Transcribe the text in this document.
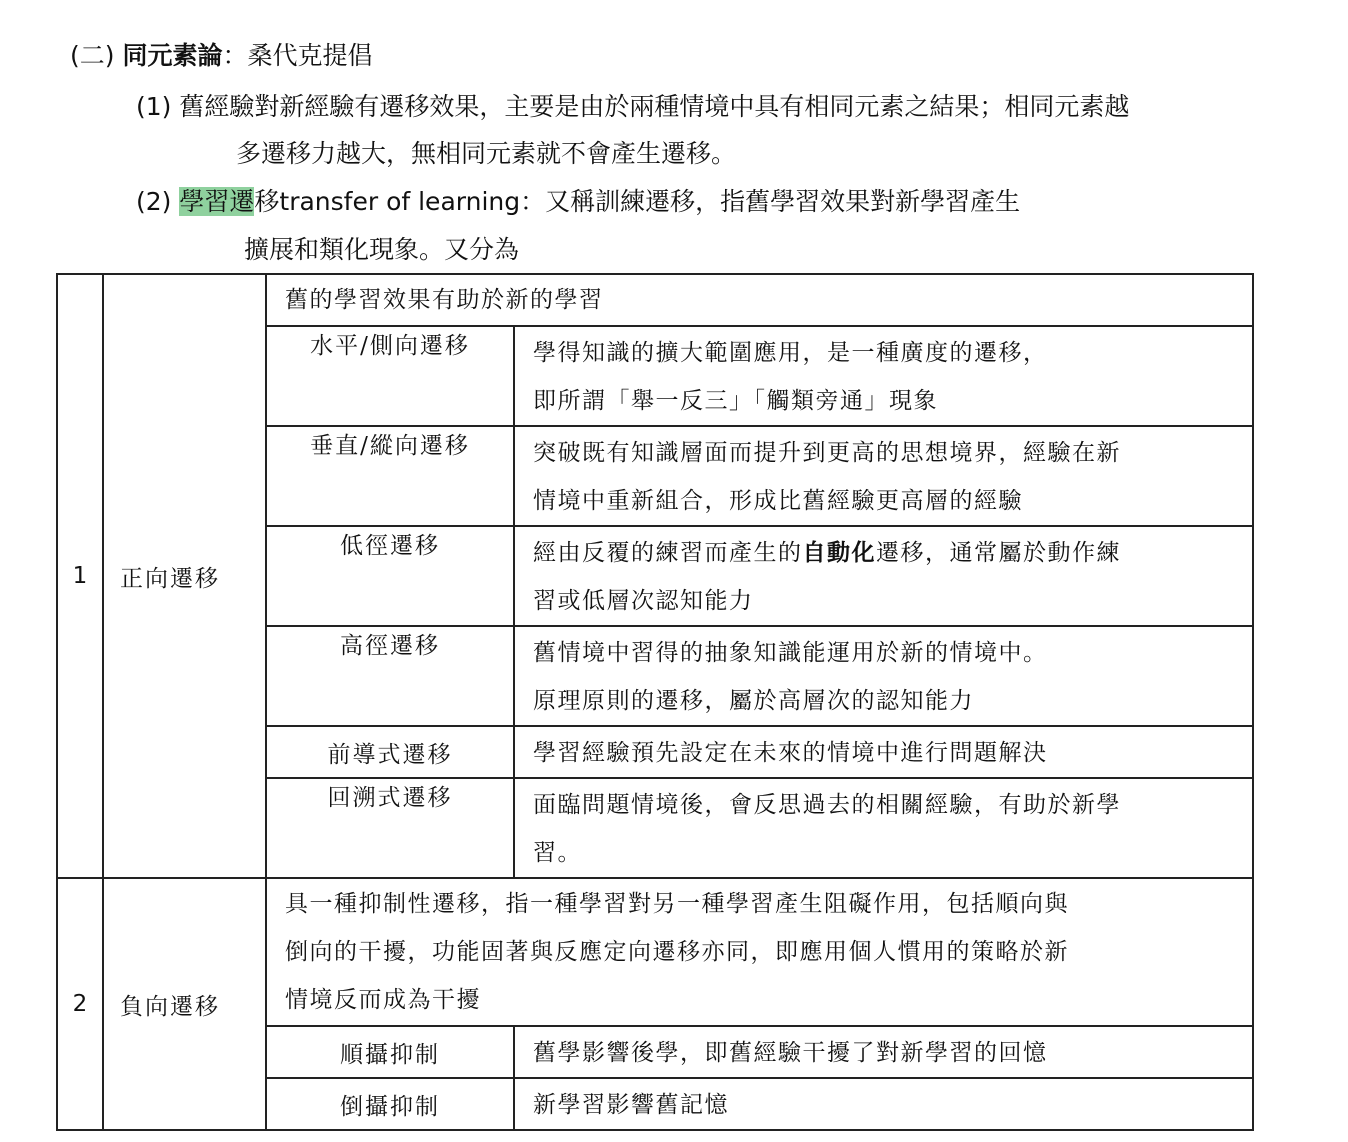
(二) 同元素論：桑代克提倡
(1) 舊經驗對新經驗有遷移效果，主要是由於兩種情境中具有相同元素之結果；相同元素越
多遷移力越大，無相同元素就不會產生遷移。
(2) 學習遷移transfer of learning：又稱訓練遷移，指舊學習效果對新學習產生
擴展和類化現象。又分為
1	正向遷移	舊的學習效果有助於新的學習	
		水平/側向遷移	學得知識的擴大範圍應用，是一種廣度的遷移，
即所謂「舉一反三」「觸類旁通」現象

		垂直/縱向遷移	突破既有知識層面而提升到更高的思想境界，經驗在新
情境中重新組合，形成比舊經驗更高層的經驗

		低徑遷移	經由反覆的練習而產生的自動化遷移，通常屬於動作練
習或低層次認知能力

		高徑遷移	舊情境中習得的抽象知識能運用於新的情境中。
原理原則的遷移，屬於高層次的認知能力

		前導式遷移	學習經驗預先設定在未來的情境中進行問題解決

		回溯式遷移	面臨問題情境後，會反思過去的相關經驗，有助於新學
習。

2	負向遷移	具一種抑制性遷移，指一種學習對另一種學習產生阻礙作用，包括順向與
倒向的干擾，功能固著與反應定向遷移亦同，即應用個人慣用的策略於新
情境反而成為干擾	

		順攝抑制	舊學影響後學，即舊經驗干擾了對新學習的回憶

		倒攝抑制	新學習影響舊記憶
